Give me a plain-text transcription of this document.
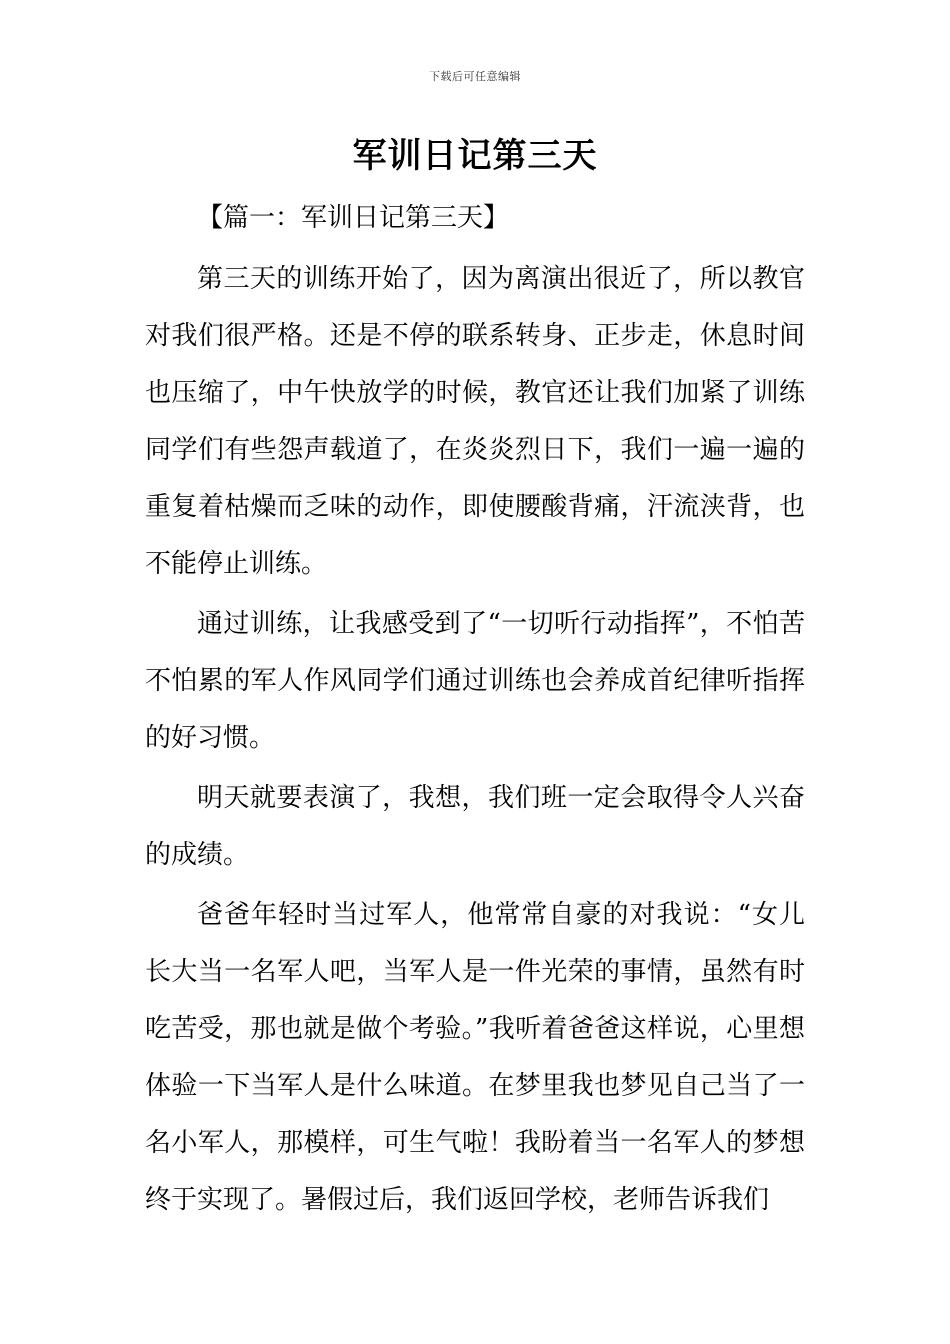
下载后可任意编辑
军训日记第三天

【篇一：军训日记第三天】

第三天的训练开始了，因为离演出很近了，所以教官对我们很严格。还是不停的联系转身、正步走，休息时间也压缩了，中午快放学的时候，教官还让我们加紧了训练同学们有些怨声载道了，在炎炎烈日下，我们一遍一遍的重复着枯燥而乏味的动作，即使腰酸背痛，汗流浃背，也不能停止训练。

通过训练，让我感受到了“一切听行动指挥”，不怕苦不怕累的军人作风同学们通过训练也会养成首纪律听指挥的好习惯。

明天就要表演了，我想，我们班一定会取得令人兴奋的成绩。

爸爸年轻时当过军人，他常常自豪的对我说：“女儿长大当一名军人吧，当军人是一件光荣的事情，虽然有时吃苦受，那也就是做个考验。”我听着爸爸这样说，心里想体验一下当军人是什么味道。在梦里我也梦见自己当了一名小军人，那模样，可生气啦！我盼着当一名军人的梦想终于实现了。暑假过后，我们返回学校，老师告诉我们
